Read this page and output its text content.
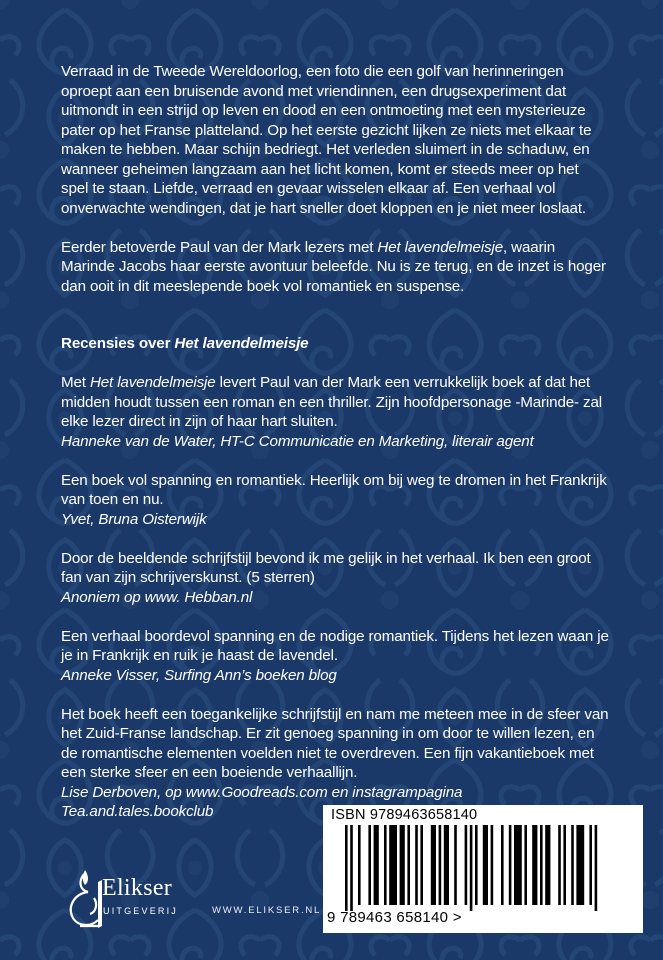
Verraad in de Tweede Wereldoorlog, een foto die een golf van herinneringen oproept aan een bruisende avond met vriendinnen, een drugsexperiment dat uitmondt in een strijd op leven en dood en een ontmoeting met een mysterieuze pater op het Franse platteland. Op het eerste gezicht lijken ze niets met elkaar te maken te hebben. Maar schijn bedriegt. Het verleden sluimert in de schaduw, en wanneer geheimen langzaam aan het licht komen, komt er steeds meer op het spel te staan. Liefde, verraad en gevaar wisselen elkaar af. Een verhaal vol onverwachte wendingen, dat je hart sneller doet kloppen en je niet meer loslaat.

Eerder betoverde Paul van der Mark lezers met Het lavendelmeisje, waarin Marinde Jacobs haar eerste avontuur beleefde. Nu is ze terug, en de inzet is hoger dan ooit in dit meeslepende boek vol romantiek en suspense.

Recensies over Het lavendelmeisje
Met Het lavendelmeisje levert Paul van der Mark een verrukkelijk boek af dat het midden houdt tussen een roman en een thriller. Zijn hoofdpersonage -Marinde- zal elke lezer direct in zijn of haar hart sluiten.
Hanneke van de Water, HT-C Communicatie en Marketing, literair agent
Een boek vol spanning en romantiek. Heerlijk om bij weg te dromen in het Frankrijk van toen en nu.
Yvet, Bruna Oisterwijk
Door de beeldende schrijfstijl bevond ik me gelijk in het verhaal. Ik ben een groot fan van zijn schrijverskunst. (5 sterren)
Anoniem op www. Hebban.nl
Een verhaal boordevol spanning en de nodige romantiek. Tijdens het lezen waan je je in Frankrijk en ruik je haast de lavendel.
Anneke Visser, Surfing Ann’s boeken blog
Het boek heeft een toegankelijke schrijfstijl en nam me meteen mee in de sfeer van het Zuid-Franse landschap. Er zit genoeg spanning in om door te willen lezen, en de romantische elementen voelden niet te overdreven. Een fijn vakantieboek met een sterke sfeer en een boeiende verhaallijn.
Lise Derboven, op www.Goodreads.com en instagrampagina Tea.and.tales.bookclub
Elikser
UITGEVERIJ	WWW.ELIKSER.NL
ISBN 9789463658140
9 789463 658140 >
